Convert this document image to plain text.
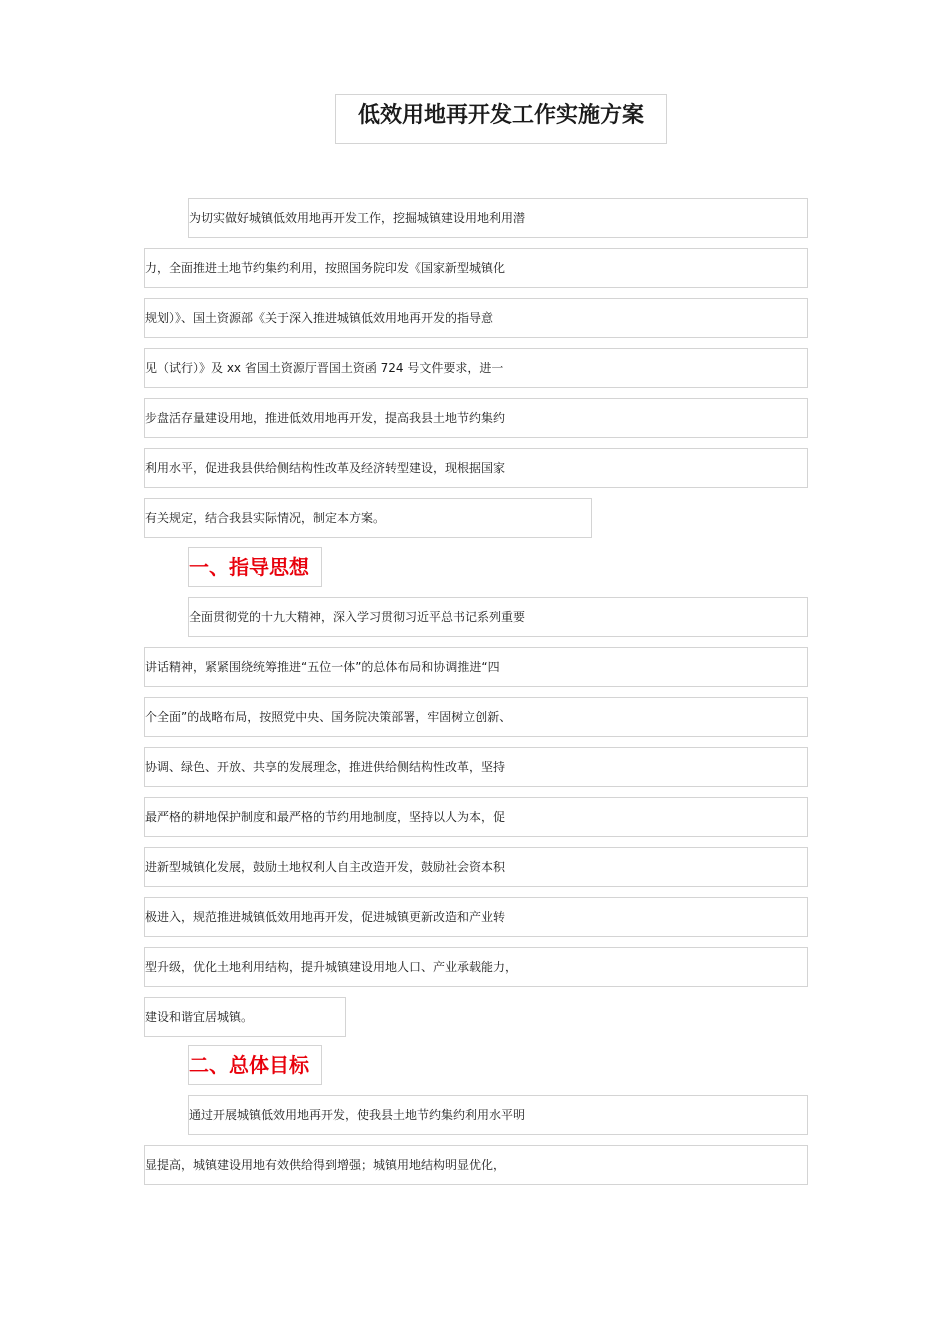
低效用地再开发工作实施方案
为切实做好城镇低效用地再开发工作，挖掘城镇建设用地利用潜
力，全面推进土地节约集约利用，按照国务院印发《国家新型城镇化
规划）》、国土资源部《关于深入推进城镇低效用地再开发的指导意
见（试行）》及 xx 省国土资源厅晋国土资函 724 号文件要求，进一
步盘活存量建设用地，推进低效用地再开发，提高我县土地节约集约
利用水平，促进我县供给侧结构性改革及经济转型建设，现根据国家
有关规定，结合我县实际情况，制定本方案。
一、指导思想
全面贯彻党的十九大精神，深入学习贯彻习近平总书记系列重要
讲话精神，紧紧围绕统筹推进“五位一体”的总体布局和协调推进“四
个全面”的战略布局，按照党中央、国务院决策部署，牢固树立创新、
协调、绿色、开放、共享的发展理念，推进供给侧结构性改革，坚持
最严格的耕地保护制度和最严格的节约用地制度，坚持以人为本，促
进新型城镇化发展，鼓励土地权利人自主改造开发，鼓励社会资本积
极进入，规范推进城镇低效用地再开发，促进城镇更新改造和产业转
型升级，优化土地利用结构，提升城镇建设用地人口、产业承载能力，
建设和谐宜居城镇。
二、总体目标
通过开展城镇低效用地再开发，使我县土地节约集约利用水平明
显提高，城镇建设用地有效供给得到增强；城镇用地结构明显优化，
